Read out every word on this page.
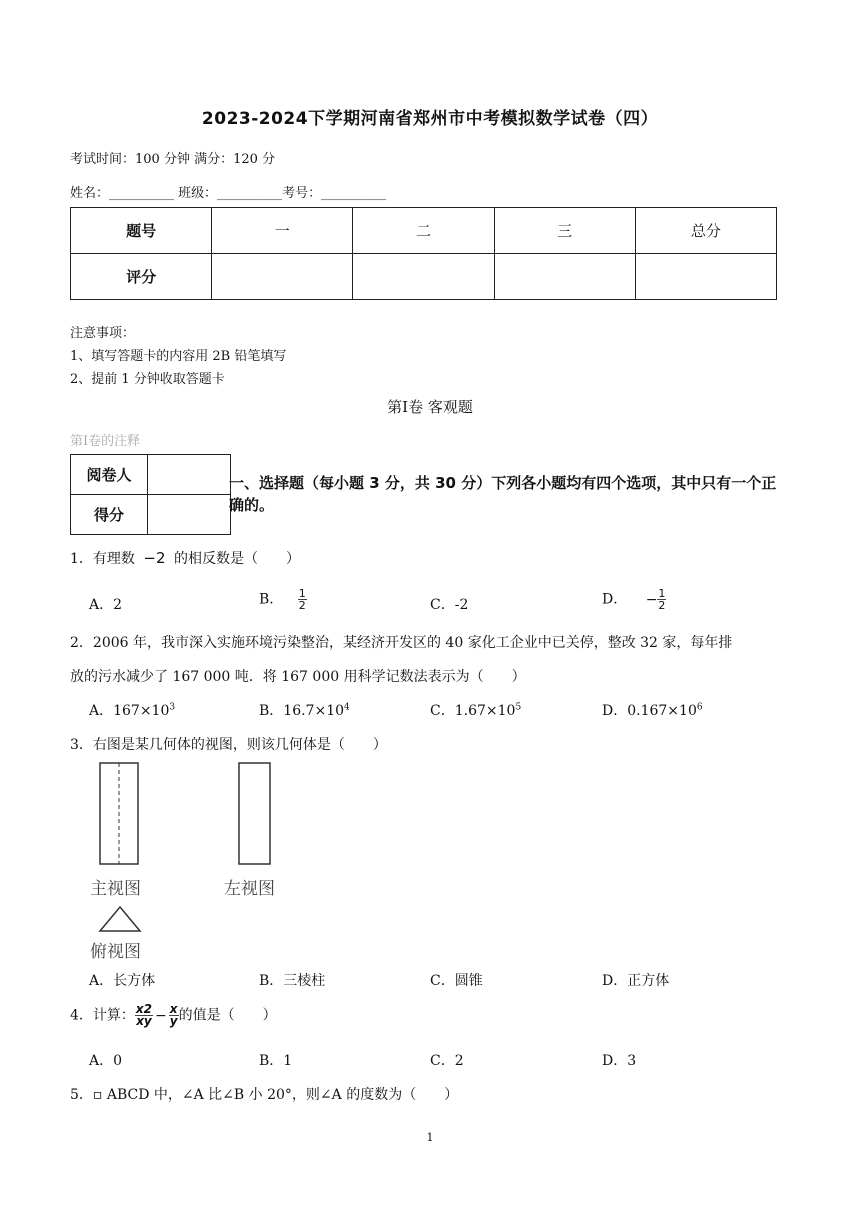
2023-2024下学期河南省郑州市中考模拟数学试卷（四）
考试时间：100 分钟 满分：120 分
姓名：__________ 班级：__________考号：__________
题号	一	二	三	总分
评分				
注意事项：
1、填写答题卡的内容用 2B 铅笔填写
2、提前 1 分钟收取答题卡
第Ⅰ卷 客观题
第Ⅰ卷的注释
阅卷人	
得分	
一、选择题（每小题 3 分，共 30 分）下列各小题均有四个选项，其中只有一个正确的。
1．有理数 −2 的相反数是（　　）
A．2	B． $\frac{1}{2}$	C．-2	D． − $\frac{1}{2}$
2．2006 年，我市深入实施环境污染整治，某经济开发区的 40 家化工企业中已关停，整改 32 家，每年排
放的污水减少了 167 000 吨．将 167 000 用科学记数法表示为（　　）
A．$167\times 10^3$	B．$16.7\times 10^4$	C．$1.67\times 10^5$	D．$0.167\times 10^6$
3．右图是某几何体的视图，则该几何体是（　　）
主视图	左视图
俯视图
A．长方体	B．三棱柱	C．圆锥	D．正方体
4．计算： $\frac{x2}{xy} - \frac{x}{y}$ 的值是（　　）
A．0	B．1	C．2	D．3
5．▫ ABCD 中，∠A 比∠B 小 20°，则∠A 的度数为（　　）
1
